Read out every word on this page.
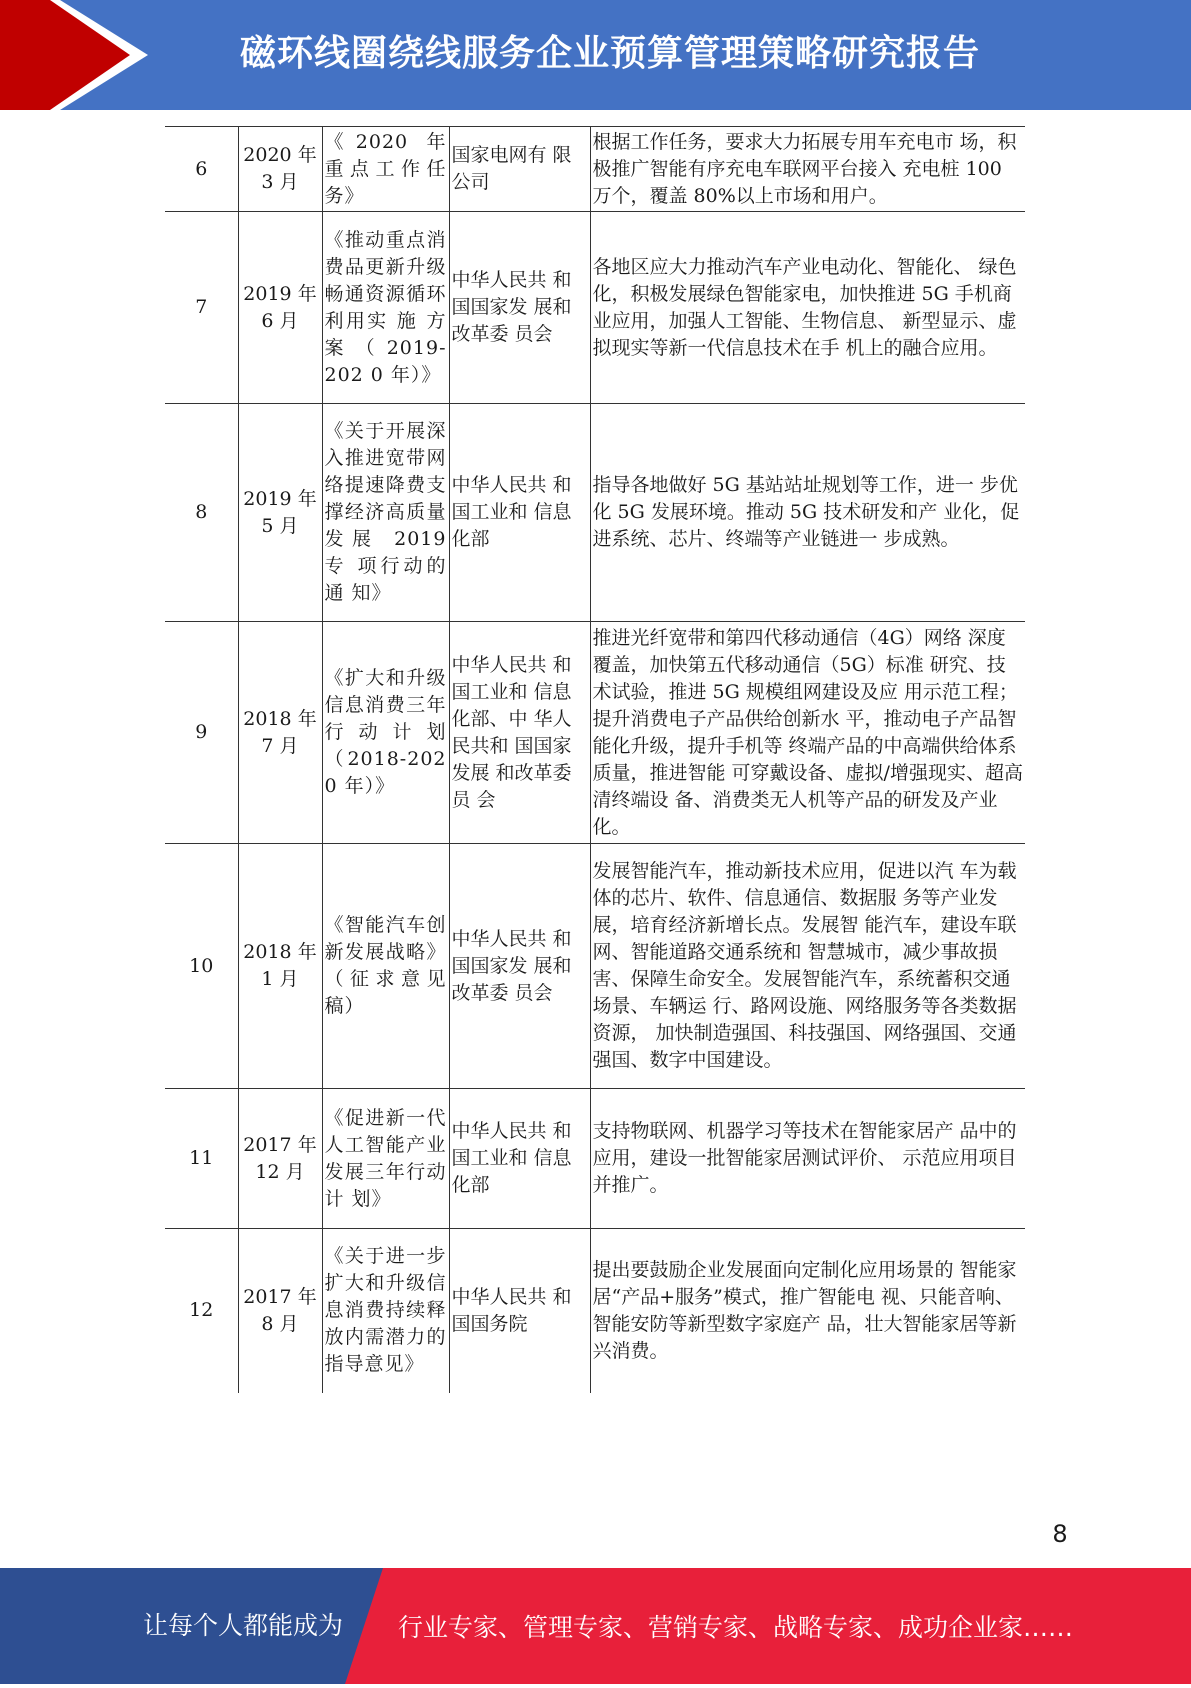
磁环线圈绕线服务企业预算管理策略研究报告
6	2020 年 3 月	《2020 年 重点工作任 务》	国家电网有 限公司	根据工作任务，要求大力拓展专用车充电市 场，积极推广智能有序充电车联网平台接入 充电桩 100 万个，覆盖 80%以上市场和用户。
7	2019 年 6 月	《推动重点消费品更新升级畅通资源循环利用实 施 方 案（2019-202 0 年）》	中华人民共 和国国家发 展和改革委 员会	各地区应大力推动汽车产业电动化、智能化、 绿色化，积极发展绿色智能家电，加快推进 5G 手机商业应用，加强人工智能、生物信息、 新型显示、虚拟现实等新一代信息技术在手 机上的融合应用。
8	2019 年 5 月	《关于开展深入推进宽带网络提速降费支撑经济高质量发展 2019 专 项行动的通 知》	中华人民共 和国工业和 信息化部	指导各地做好 5G 基站站址规划等工作，进一 步优化 5G 发展环境。推动 5G 技术研发和产 业化，促进系统、芯片、终端等产业链进一 步成熟。
9	2018 年 7 月	《扩大和升级信息消费三年行动计划（2018-202 0 年）》	中华人民共 和国工业和 信息化部、中 华人民共和 国国家发展 和改革委员 会	推进光纤宽带和第四代移动通信（4G）网络 深度覆盖，加快第五代移动通信（5G）标准 研究、技术试验，推进 5G 规模组网建设及应 用示范工程；提升消费电子产品供给创新水 平，推动电子产品智能化升级，提升手机等 终端产品的中高端供给体系质量，推进智能 可穿戴设备、虚拟/增强现实、超高清终端设 备、消费类无人机等产品的研发及产业化。
10	2018 年 1 月	《智能汽车创新发展战略》（征求意见稿）	中华人民共 和国国家发 展和改革委 员会	发展智能汽车，推动新技术应用，促进以汽 车为载体的芯片、软件、信息通信、数据服 务等产业发展，培育经济新增长点。发展智 能汽车，建设车联网、智能道路交通系统和 智慧城市，减少事故损害、保障生命安全。发展智能汽车，系统蓄积交通场景、车辆运 行、路网设施、网络服务等各类数据资源， 加快制造强国、科技强国、网络强国、交通 强国、数字中国建设。
11	2017 年 12 月	《促进新一代人工智能产业发展三年行动计 划》	中华人民共 和国工业和 信息化部	支持物联网、机器学习等技术在智能家居产 品中的应用，建设一批智能家居测试评价、 示范应用项目并推广。
12	2017 年 8 月	《关于进一步扩大和升级信息消费持续释放内需潜力的指导意见》	中华人民共 和国国务院	提出要鼓励企业发展面向定制化应用场景的 智能家居“产品+服务”模式，推广智能电 视、只能音响、智能安防等新型数字家庭产 品，壮大智能家居等新兴消费。
8
让每个人都能成为 行业专家、管理专家、营销专家、战略专家、成功企业家……
